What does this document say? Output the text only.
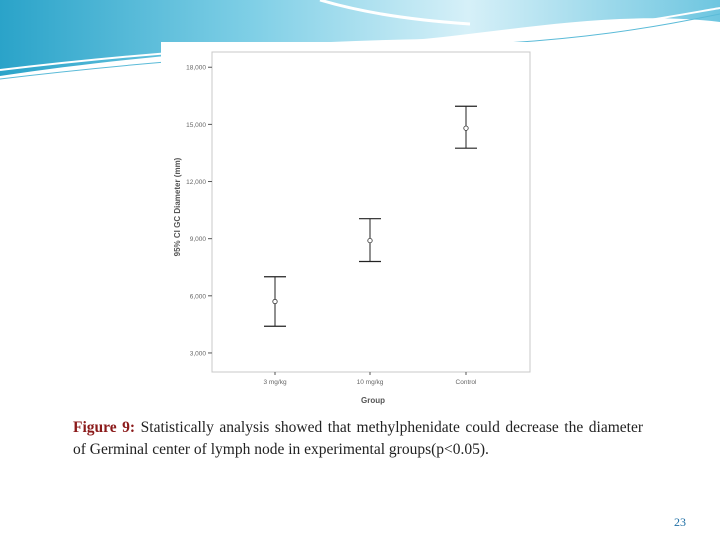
3,000
6,000
9,000
12,000
15,000
18,000
3 mg/kg	10 mg/kg	Control
Group
95% CI GC Diameter (mm)
Figure 9: Statistically analysis showed that methylphenidate could decrease the diameter of Germinal center of lymph node in experimental groups(p<0.05).
23
